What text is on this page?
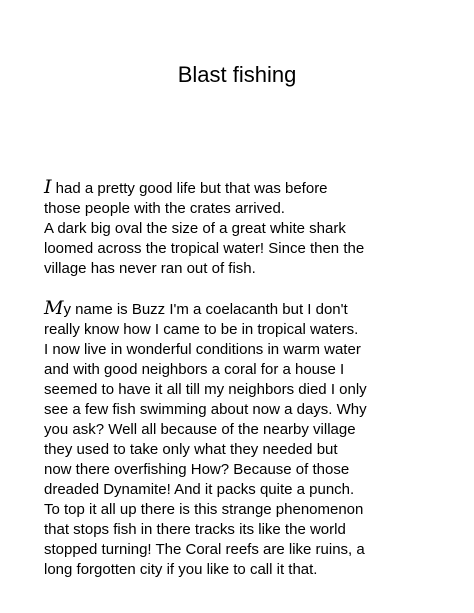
Blast fishing
I had a pretty good life but that was before
those people with the crates arrived.
A dark big oval the size of a great white shark
loomed across the tropical water! Since then the
village has never ran out of fish.
My name is Buzz I'm a coelacanth but I don't
really know how I came to be in tropical waters.
I now live in wonderful conditions in warm water
and with good neighbors a coral for a house I
seemed to have it all till my neighbors died I only
see a few fish swimming about now a days. Why
you ask? Well all because of the nearby village
they used to take only what they needed but
now there overfishing How? Because of those
dreaded Dynamite! And it packs quite a punch.
To top it all up there is this strange phenomenon
that stops fish in there tracks its like the world
stopped turning! The Coral reefs are like ruins, a
long forgotten city if you like to call it that.
